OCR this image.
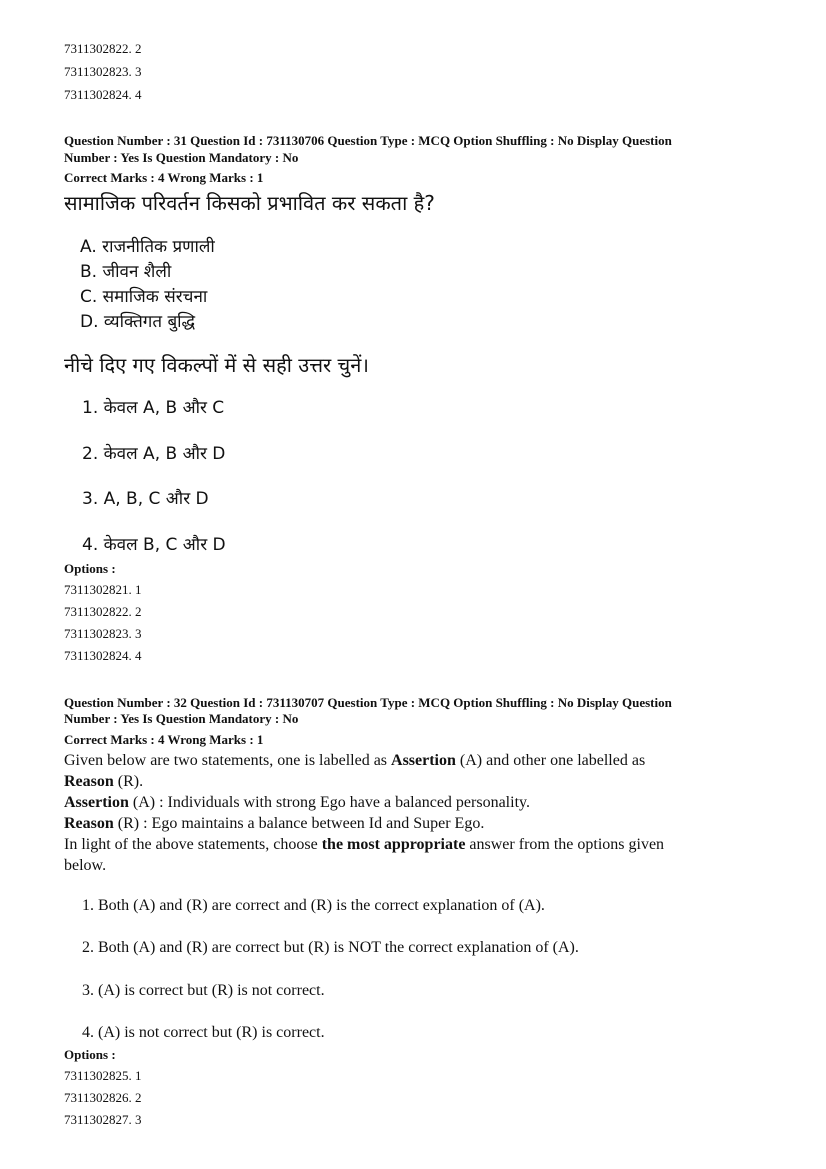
7311302822. 2
7311302823. 3
7311302824. 4
Question Number : 31 Question Id : 731130706 Question Type : MCQ Option Shuffling : No Display Question
Number : Yes Is Question Mandatory : No
Correct Marks : 4 Wrong Marks : 1
सामाजिक परिवर्तन किसको प्रभावित कर सकता है?
A. राजनीतिक प्रणाली
B. जीवन शैली
C. समाजिक संरचना
D. व्यक्तिगत बुद्धि
नीचे दिए गए विकल्पों में से सही उत्तर चुनें।
1. केवल A, B और C
2. केवल A, B और D
3. A, B, C और D
4. केवल B, C और D
Options :
7311302821. 1
7311302822. 2
7311302823. 3
7311302824. 4
Question Number : 32 Question Id : 731130707 Question Type : MCQ Option Shuffling : No Display Question
Number : Yes Is Question Mandatory : No
Correct Marks : 4 Wrong Marks : 1
Given below are two statements, one is labelled as Assertion (A) and other one labelled as
Reason (R).
Assertion (A) : Individuals with strong Ego have a balanced personality.
Reason (R) : Ego maintains a balance between Id and Super Ego.
In light of the above statements, choose the most appropriate answer from the options given
below.
1. Both (A) and (R) are correct and (R) is the correct explanation of (A).
2. Both (A) and (R) are correct but (R) is NOT the correct explanation of (A).
3. (A) is correct but (R) is not correct.
4. (A) is not correct but (R) is correct.
Options :
7311302825. 1
7311302826. 2
7311302827. 3
